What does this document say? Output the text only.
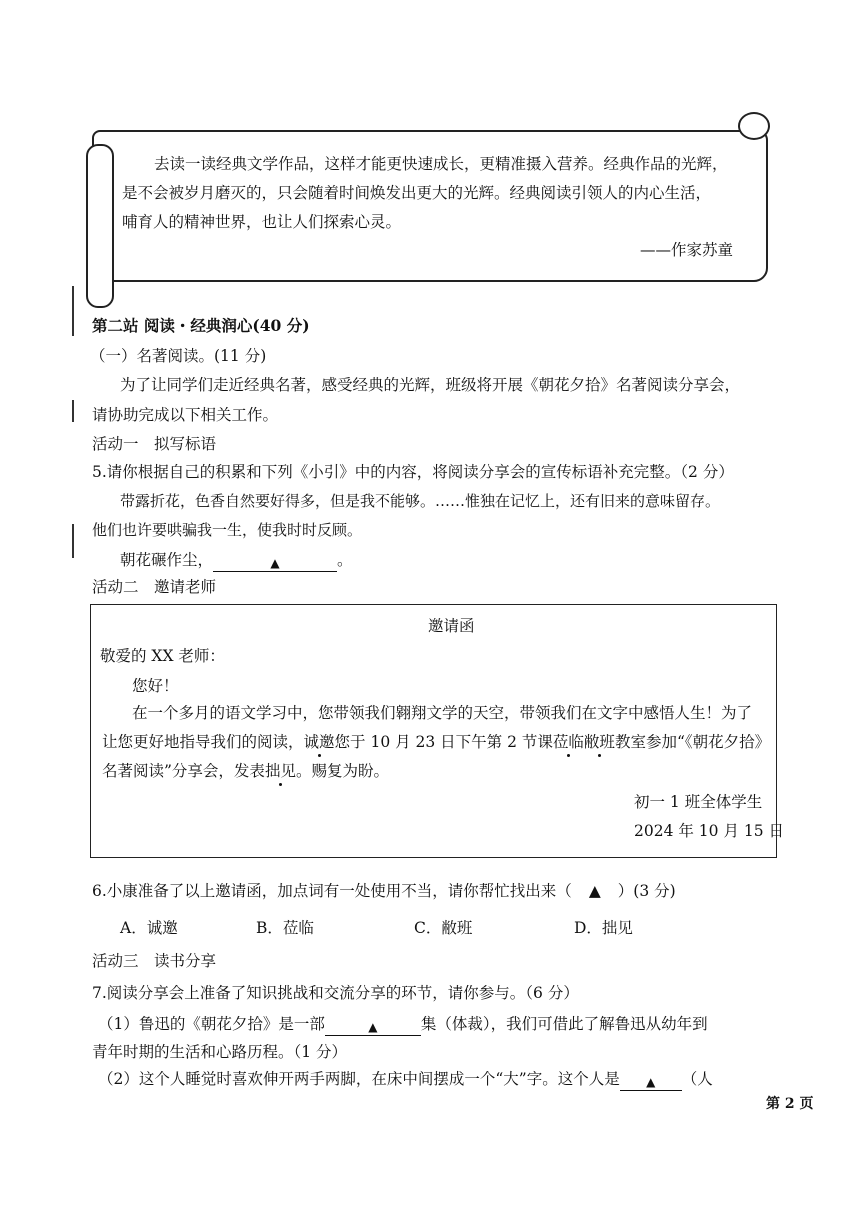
去读一读经典文学作品，这样才能更快速成长，更精准摄入营养。经典作品的光辉，
是不会被岁月磨灭的，只会随着时间焕发出更大的光辉。经典阅读引领人的内心生活，
哺育人的精神世界，也让人们探索心灵。
——作家苏童
第二站 阅读・经典润心(40 分)
（一）名著阅读。(11 分)
为了让同学们走近经典名著，感受经典的光辉，班级将开展《朝花夕拾》名著阅读分享会，
请协助完成以下相关工作。
活动一　拟写标语
5.请你根据自己的积累和下列《小引》中的内容，将阅读分享会的宣传标语补充完整。（2 分）
带露折花，色香自然要好得多，但是我不能够。……惟独在记忆上，还有旧来的意味留存。
他们也许要哄骗我一生，使我时时反顾。
朝花碾作尘，	▲	。
活动二　邀请老师
邀请函
敬爱的 XX 老师：
您好！
在一个多月的语文学习中，您带领我们翱翔文学的天空，带领我们在文字中感悟人生！为了
让您更好地指导我们的阅读，诚邀您于 10 月 23 日下午第 2 节课莅临敝班教室参加“《朝花夕拾》
名著阅读”分享会，发表拙见。赐复为盼。
初一 1 班全体学生
2024 年 10 月 15 日
6.小康准备了以上邀请函，加点词有一处使用不当，请你帮忙找出来（ ▲ ）(3 分)
A．诚邀	B．莅临	C．敝班	D．拙见
活动三　读书分享
7.阅读分享会上准备了知识挑战和交流分享的环节，请你参与。（6 分）
（1）鲁迅的《朝花夕拾》是一部	▲	集（体裁），我们可借此了解鲁迅从幼年到
青年时期的生活和心路历程。（1 分）
（2）这个人睡觉时喜欢伸开两手两脚，在床中间摆成一个“大”字。这个人是 ▲ （人
第 2 页
